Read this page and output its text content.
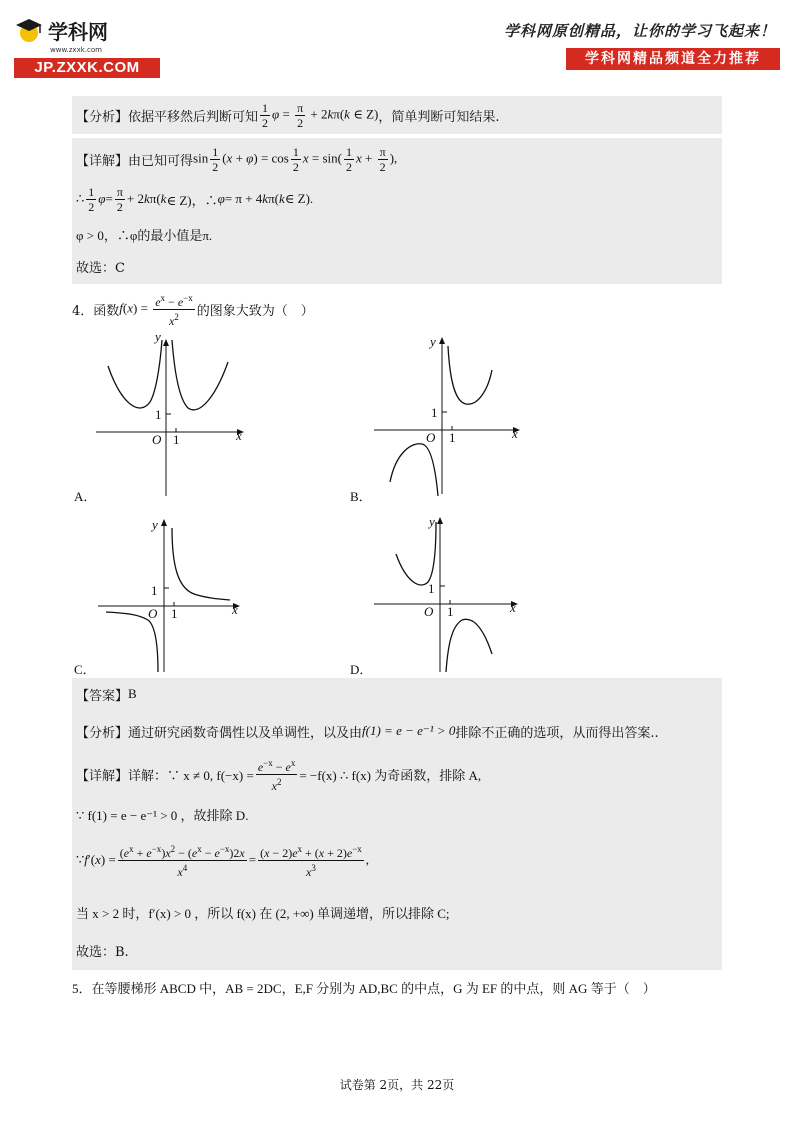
学科网
www.zxxk.com
JP.ZXXK.COM
学科网原创精品，让你的学习飞起来！
学科网精品频道全力推荐
【分析】 依据平移然后判断可知 $\frac{1}{2}$ $\varphi = \frac{\pi}{2} + 2k\pi(k$ ∈ Z) ，简单判断可知结果.
【详解】 由已知可得 $\sin \frac{1}{2} (x + \varphi) = \cos \frac{1}{2}$ $x = \sin( \frac{1}{2}$ $x + \frac{\pi}{2}$ ),
∴ $\frac{1}{2}$ $\varphi = \frac{\pi}{2} + 2$ k π( k ∈ Z)，∴ φ = π + 4 k π( k ∈ Z).
φ > 0，∴φ的最小值是π.
故选：C
4．函数 $f(x) = \frac{e^x - e^{-x}}{x^2}$ 的图象大致为（　）
y
x
O
1
1
A．
y
x
O
1
1
B．
y
x
O
1
1
C．
y
x
O
1
1
D．
【答案】 B
【分析】 通过研究函数奇偶性以及单调性，以及由 f(1) = e − e⁻¹ > 0 排除不正确的选项，从而得出答案..
【详解】 详解：∵ x ≠ 0, $f(-x) = \frac{e^{-x} - e^x}{x^2} = -f(x)$ ∴ f(x) 为奇函数，排除 A,
∵ f(1) = e − e⁻¹ > 0 ，故排除 D.
∵ f ′( x ) = $\frac{(e^x + e^{-x})x^2 - (e^x - e^{-x})2x}{x^4} = \frac{(x - 2)e^x + (x + 2)e^{-x}}{x^3}$ ,
当 x > 2 时， f′(x) > 0 ，所以 f(x) 在 (2, +∞) 单调递增，所以排除 C;
故选：B.
5．在等腰梯形 ABCD 中，AB = 2DC，E,F 分别为 AD,BC 的中点，G 为 EF 的中点，则 AG 等于（　）
试卷第 2页，共 22页
